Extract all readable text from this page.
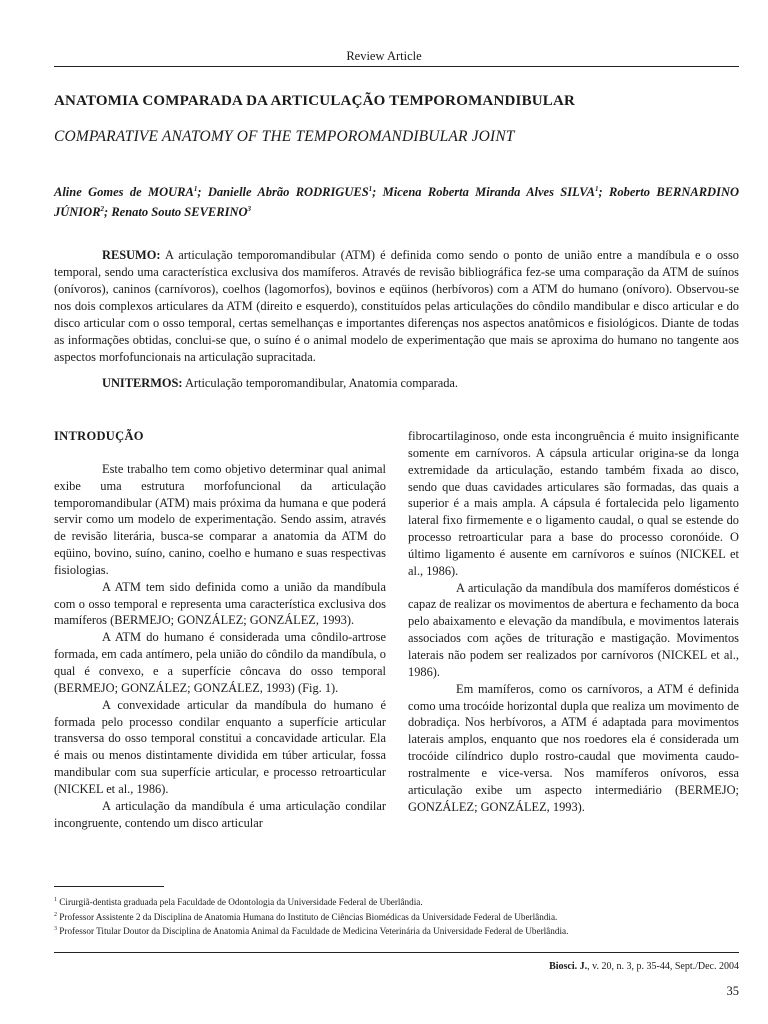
Review Article
ANATOMIA COMPARADA DA ARTICULAÇÃO TEMPOROMANDIBULAR
COMPARATIVE ANATOMY OF THE TEMPOROMANDIBULAR JOINT
Aline Gomes de MOURA$^1$; Danielle Abrão RODRIGUES$^1$; Micena Roberta Miranda Alves SILVA$^1$; Roberto BERNARDINO JÚNIOR$^2$; Renato Souto SEVERINO$^3$
RESUMO: A articulação temporomandibular (ATM) é definida como sendo o ponto de união entre a mandíbula e o osso temporal, sendo uma característica exclusiva dos mamíferos. Através de revisão bibliográfica fez-se uma comparação da ATM de suínos (onívoros), caninos (carnívoros), coelhos (lagomorfos), bovinos e eqüinos (herbívoros) com a ATM do humano (onívoro). Observou-se nos dois complexos articulares da ATM (direito e esquerdo), constituídos pelas articulações do côndilo mandibular e disco articular e do disco articular com o osso temporal, certas semelhanças e importantes diferenças nos aspectos anatômicos e fisiológicos. Diante de todas as informações obtidas, conclui-se que, o suíno é o animal modelo de experimentação que mais se aproxima do humano no tangente aos aspectos morfofuncionais na articulação supracitada.
UNITERMOS: Articulação temporomandibular, Anatomia comparada.
INTRODUÇÃO

Este trabalho tem como objetivo determinar qual animal exibe uma estrutura morfofuncional da articulação temporomandibular (ATM) mais próxima da humana e que poderá servir como um modelo de experimentação. Sendo assim, através de revisão literária, busca-se comparar a anatomia da ATM do eqüino, bovino, suíno, canino, coelho e humano e suas respectivas fisiologias.

A ATM tem sido definida como a união da mandíbula com o osso temporal e representa uma característica exclusiva dos mamíferos (BERMEJO; GONZÁLEZ; GONZÁLEZ, 1993).

A ATM do humano é considerada uma côndilo-artrose formada, em cada antímero, pela união do côndilo da mandíbula, o qual é convexo, e a superfície côncava do osso temporal (BERMEJO; GONZÁLEZ; GONZÁLEZ, 1993) (Fig. 1).

A convexidade articular da mandíbula do humano é formada pelo processo condilar enquanto a superfície articular transversa do osso temporal constitui a concavidade articular. Ela é mais ou menos distintamente dividida em túber articular, fossa mandibular com sua superfície articular, e processo retroarticular (NICKEL et al., 1986).

A articulação da mandíbula é uma articulação condilar incongruente, contendo um disco articular

fibrocartilaginoso, onde esta incongruência é muito insignificante somente em carnívoros. A cápsula articular origina-se da longa extremidade da articulação, estando também fixada ao disco, sendo que duas cavidades articulares são formadas, das quais a superior é a mais ampla. A cápsula é fortalecida pelo ligamento lateral fixo firmemente e o ligamento caudal, o qual se estende do processo retroarticular para a base do processo coronóide. O último ligamento é ausente em carnívoros e suínos (NICKEL et al., 1986).

A articulação da mandíbula dos mamíferos domésticos é capaz de realizar os movimentos de abertura e fechamento da boca pelo abaixamento e elevação da mandíbula, e movimentos laterais associados com ações de trituração e mastigação. Movimentos laterais não podem ser realizados por carnívoros (NICKEL et al., 1986).

Em mamíferos, como os carnívoros, a ATM é definida como uma trocóide horizontal dupla que realiza um movimento de dobradiça. Nos herbívoros, a ATM é adaptada para movimentos laterais amplos, enquanto que nos roedores ela é considerada um trocóide cilíndrico duplo rostro-caudal que movimenta caudo-rostralmente e vice-versa. Nos mamíferos onívoros, essa articulação exibe um aspecto intermediário (BERMEJO; GONZÁLEZ; GONZÁLEZ, 1993).

$^1$ Cirurgiã-dentista graduada pela Faculdade de Odontologia da Universidade Federal de Uberlândia.
$^2$ Professor Assistente 2 da Disciplina de Anatomia Humana do Instituto de Ciências Biomédicas da Universidade Federal de Uberlândia.
$^3$ Professor Titular Doutor da Disciplina de Anatomia Animal da Faculdade de Medicina Veterinária da Universidade Federal de Uberlândia.
Biosci. J., v. 20, n. 3, p. 35-44, Sept./Dec. 2004
35
